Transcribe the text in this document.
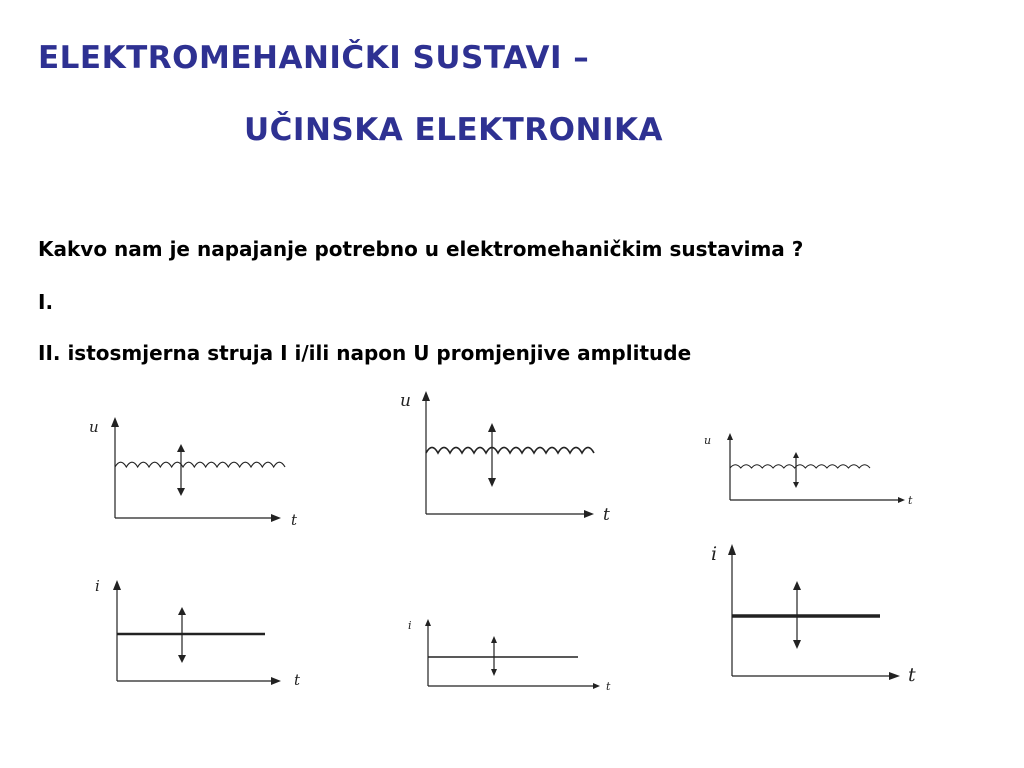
ELEKTROMEHANIČKI SUSTAVI –
UČINSKA ELEKTRONIKA
Kakvo nam je napajanje potrebno u elektromehaničkim sustavima ?
I.
II. istosmjerna struja I i/ili napon U promjenjive amplitude
u
t
u
t
u
t
i
t
i
t
i
t
